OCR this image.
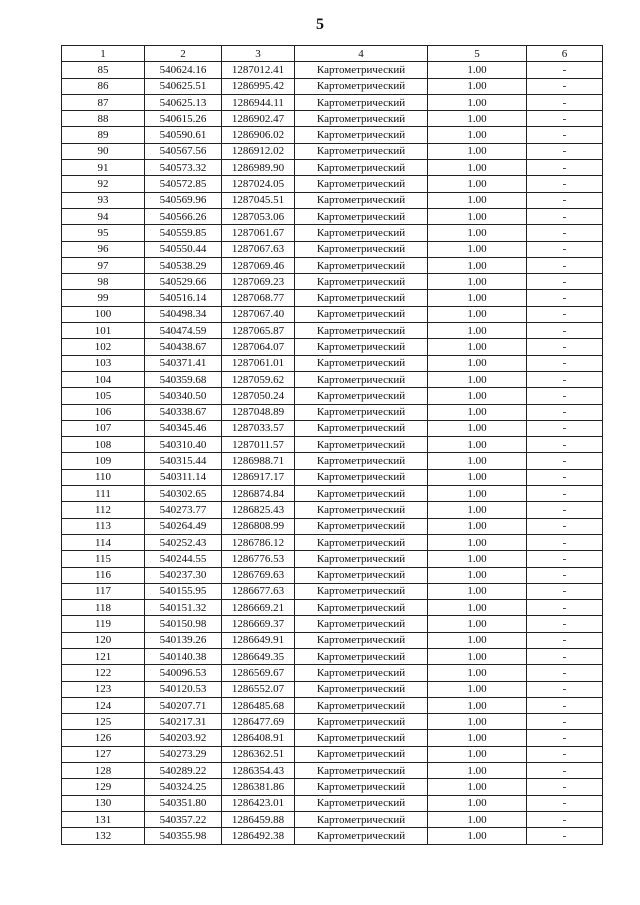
5
1	2	3	4	5	6
85	540624.16	1287012.41	Картометрический	1.00	-
86	540625.51	1286995.42	Картометрический	1.00	-
87	540625.13	1286944.11	Картометрический	1.00	-
88	540615.26	1286902.47	Картометрический	1.00	-
89	540590.61	1286906.02	Картометрический	1.00	-
90	540567.56	1286912.02	Картометрический	1.00	-
91	540573.32	1286989.90	Картометрический	1.00	-
92	540572.85	1287024.05	Картометрический	1.00	-
93	540569.96	1287045.51	Картометрический	1.00	-
94	540566.26	1287053.06	Картометрический	1.00	-
95	540559.85	1287061.67	Картометрический	1.00	-
96	540550.44	1287067.63	Картометрический	1.00	-
97	540538.29	1287069.46	Картометрический	1.00	-
98	540529.66	1287069.23	Картометрический	1.00	-
99	540516.14	1287068.77	Картометрический	1.00	-
100	540498.34	1287067.40	Картометрический	1.00	-
101	540474.59	1287065.87	Картометрический	1.00	-
102	540438.67	1287064.07	Картометрический	1.00	-
103	540371.41	1287061.01	Картометрический	1.00	-
104	540359.68	1287059.62	Картометрический	1.00	-
105	540340.50	1287050.24	Картометрический	1.00	-
106	540338.67	1287048.89	Картометрический	1.00	-
107	540345.46	1287033.57	Картометрический	1.00	-
108	540310.40	1287011.57	Картометрический	1.00	-
109	540315.44	1286988.71	Картометрический	1.00	-
110	540311.14	1286917.17	Картометрический	1.00	-
111	540302.65	1286874.84	Картометрический	1.00	-
112	540273.77	1286825.43	Картометрический	1.00	-
113	540264.49	1286808.99	Картометрический	1.00	-
114	540252.43	1286786.12	Картометрический	1.00	-
115	540244.55	1286776.53	Картометрический	1.00	-
116	540237.30	1286769.63	Картометрический	1.00	-
117	540155.95	1286677.63	Картометрический	1.00	-
118	540151.32	1286669.21	Картометрический	1.00	-
119	540150.98	1286669.37	Картометрический	1.00	-
120	540139.26	1286649.91	Картометрический	1.00	-
121	540140.38	1286649.35	Картометрический	1.00	-
122	540096.53	1286569.67	Картометрический	1.00	-
123	540120.53	1286552.07	Картометрический	1.00	-
124	540207.71	1286485.68	Картометрический	1.00	-
125	540217.31	1286477.69	Картометрический	1.00	-
126	540203.92	1286408.91	Картометрический	1.00	-
127	540273.29	1286362.51	Картометрический	1.00	-
128	540289.22	1286354.43	Картометрический	1.00	-
129	540324.25	1286381.86	Картометрический	1.00	-
130	540351.80	1286423.01	Картометрический	1.00	-
131	540357.22	1286459.88	Картометрический	1.00	-
132	540355.98	1286492.38	Картометрический	1.00	-
